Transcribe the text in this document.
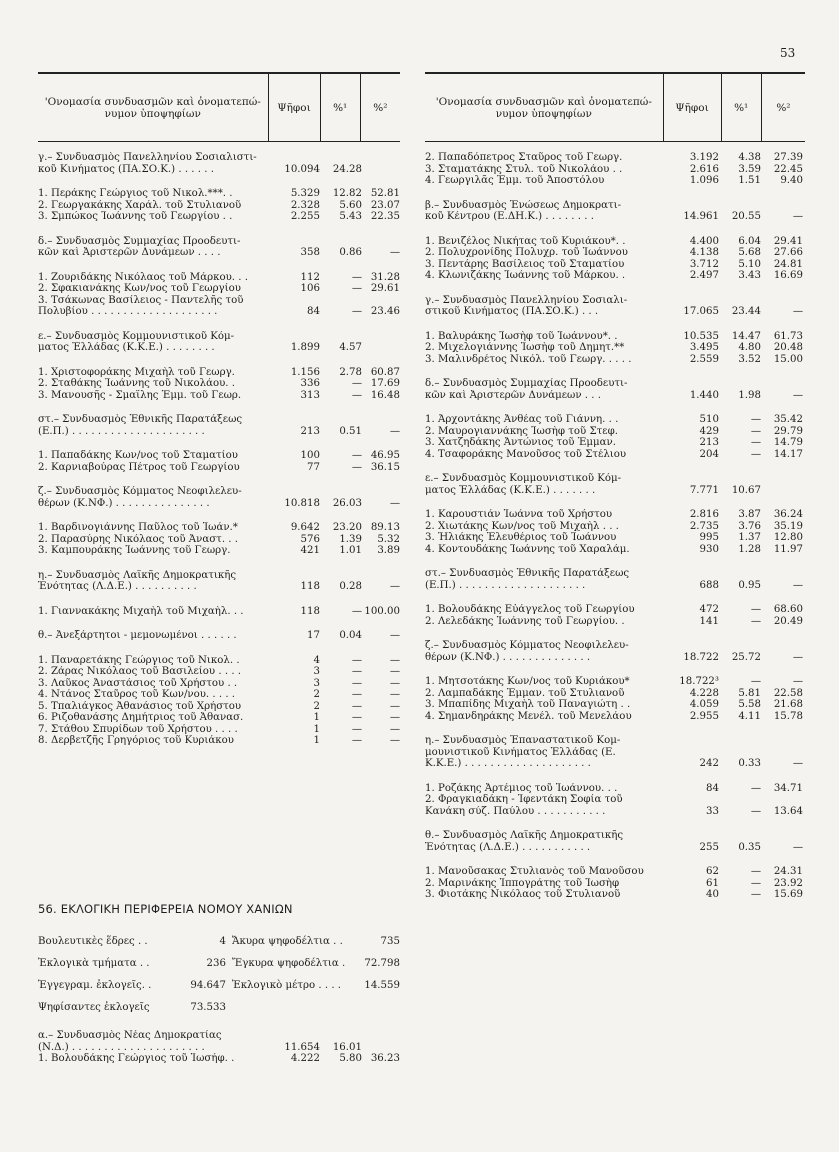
53
'Ονομασία συνδυασμῶν καὶ ὀνοματεπώ- νυμον ὑποψηφίων	Ψῆφοι	%¹	%²
γ.– Συνδυασμὸς Πανελληνίου Σοσιαλιστι-
κοῦ Κινήματος (ΠΑ.ΣΟ.Κ.) . . . . . .	10.094	24.28
1. Περάκης Γεώργιος τοῦ Νικολ.***. .	5.329	12.82 52.81
2. Γεωργακάκης Χαράλ. τοῦ Στυλιανοῦ	2.328	5.60 23.07
3. Σμπώκος Ἰωάννης τοῦ Γεωργίου . .	2.255	5.43 22.35
δ.– Συνδυασμὸς Συμμαχίας Προοδευτι-
κῶν καὶ Ἀριστερῶν Δυνάμεων . . . .	358	0.86	—
1. Ζουριδάκης Νικόλαος τοῦ Μάρκου. . .	112	— 31.28
2. Σφακιανάκης Κων/νος τοῦ Γεωργίου	106	— 29.61
3. Τσάκωνας Βασίλειος - Παντελῆς τοῦ
Πολυβίου . . . . . . . . . . . . . . . . . . . .	84	— 23.46
ε.– Συνδυασμὸς Κομμουνιστικοῦ Κόμ-
ματος Ἑλλάδας (Κ.Κ.Ε.) . . . . . . . .	1.899	4.57
1. Χριστοφοράκης Μιχαὴλ τοῦ Γεωργ.	1.156	2.78 60.87
2. Σταθάκης Ἰωάννης τοῦ Νικολάου. .	336	— 17.69
3. Μανουσῆς - Σμαΐλης Ἐμμ. τοῦ Γεωρ.	313	— 16.48
στ.– Συνδυασμὸς Ἐθνικῆς Παρατάξεως
(Ε.Π.) . . . . . . . . . . . . . . . . . . . . .	213	0.51	—
1. Παπαδάκης Κων/νος τοῦ Σταματίου	100	— 46.95
2. Καρνιαβούρας Πέτρος τοῦ Γεωργίου	77	— 36.15
ζ.– Συνδυασμὸς Κόμματος Νεοφιλελευ-
θέρων (Κ.ΝΦ.) . . . . . . . . . . . . . . .	10.818	26.03	—
1. Βαρδινογιάννης Παῦλος τοῦ Ἰωάν.*	9.642	23.20 89.13
2. Παρασύρης Νικόλαος τοῦ Ἀναστ. . .	576	1.39	5.32
3. Καμπουράκης Ἰωάννης τοῦ Γεωργ.	421	1.01	3.89
η.– Συνδυασμὸς Λαϊκῆς Δημοκρατικῆς
Ἑνότητας (Λ.Δ.Ε.) . . . . . . . . . .	118	0.28	—
1. Γιαννακάκης Μιχαὴλ τοῦ Μιχαὴλ. . .	118	— 100.00
θ.– Ἀνεξάρτητοι - μεμονωμένοι . . . . . .	17	0.04	—
1. Παναρετάκης Γεώργιος τοῦ Νικολ. .	4	—	—
2. Ζάρας Νικόλαος τοῦ Βασιλείου . . . .	3	—	—
3. Λαῦκος Ἀναστάσιος τοῦ Χρήστου . .	3	—	—
4. Ντάνος Σταῦρος τοῦ Κων/νου. . . . .	2	—	—
5. Τπαλιάγκος Ἀθανάσιος τοῦ Χρήστου	2	—	—
6. Ριζοθανάσης Δημήτριος τοῦ Ἀθανασ.	1	—	—
7. Στάθου Σπυρίδων τοῦ Χρήστου . . . .	1	—	—
8. Δερβετζῆς Γρηγόριος τοῦ Κυριάκου	1	—	—
'Ονομασία συνδυασμῶν καὶ ὀνοματεπώ- νυμον ὑποψηφίων	Ψῆφοι	%¹	%²
2. Παπαδόπετρος Σταῦρος τοῦ Γεωργ.	3.192	4.38	27.39
3. Σταματάκης Στυλ. τοῦ Νικολάου . .	2.616	3.59	22.45
4. Γεωργιλᾶς Ἐμμ. τοῦ Ἀποστόλου	1.096	1.51	9.40
β.– Συνδυασμὸς Ἐνώσεως Δημοκρατι-
κοῦ Κέντρου (Ε.ΔΗ.Κ.) . . . . . . . .	14.961	20.55	—
1. Βενιζέλος Νικήτας τοῦ Κυριάκου*. .	4.400	6.04	29.41
2. Πολυχρονίδης Πολυχρ. τοῦ Ἰωάννου	4.138	5.68	27.66
3. Πεντάρης Βασίλειος τοῦ Σταματίου	3.712	5.10	24.81
4. Κλωνιζάκης Ἰωάννης τοῦ Μάρκου. .	2.497	3.43	16.69
γ.– Συνδυασμὸς Πανελληνίου Σοσιαλι-
στικοῦ Κινήματος (ΠΑ.ΣΟ.Κ.) . . .	17.065	23.44	—
1. Βαλυράκης Ἰωσὴφ τοῦ Ἰωάννου*. .	10.535	14.47	61.73
2. Μιχελογιάννης Ἰωσὴφ τοῦ Δημητ.**	3.495	4.80	20.48
3. Μαλινδρέτος Νικόλ. τοῦ Γεωργ. . . . .	2.559	3.52	15.00
δ.– Συνδυασμὸς Συμμαχίας Προοδευτι-
κῶν καὶ Ἀριστερῶν Δυνάμεων . . .	1.440	1.98	—
1. Ἀρχοντάκης Ἀνθέας τοῦ Γιάννη. . .	510	—	35.42
2. Μαυρογιαννάκης Ἰωσὴφ τοῦ Στεφ.	429	—	29.79
3. Χατζηδάκης Ἀντώνιος τοῦ Ἐμμαν.	213	—	14.79
4. Τσαφοράκης Μανοῦσος τοῦ Στέλιου	204	—	14.17
ε.– Συνδυασμὸς Κομμουνιστικοῦ Κόμ-
ματος Ἑλλάδας (Κ.Κ.Ε.) . . . . . . .	7.771	10.67
1. Καρουστιάν Ἰωάννα τοῦ Χρήστου	2.816	3.87	36.24
2. Χιωτάκης Κων/νος τοῦ Μιχαὴλ . . .	2.735	3.76	35.19
3. Ἠλιάκης Ἐλευθέριος τοῦ Ἰωάννου	995	1.37	12.80
4. Κοντουδάκης Ἰωάννης τοῦ Χαραλάμ.	930	1.28	11.97
στ.– Συνδυασμὸς Ἐθνικῆς Παρατάξεως
(Ε.Π.) . . . . . . . . . . . . . . . . . . . .	688	0.95	—
1. Βολουδάκης Εὐάγγελος τοῦ Γεωργίου	472	—	68.60
2. Λελεδάκης Ἰωάννης τοῦ Γεωργίου. .	141	—	20.49
ζ.– Συνδυασμὸς Κόμματος Νεοφιλελευ-
θέρων (Κ.ΝΦ.) . . . . . . . . . . . . . .	18.722	25.72	—
1. Μητσοτάκης Κων/νος τοῦ Κυριάκου*	18.722³	—	—
2. Λαμπαδάκης Ἐμμαν. τοῦ Στυλιανοῦ	4.228	5.81	22.58
3. Μπαπίδης Μιχαὴλ τοῦ Παναγιώτη . .	4.059	5.58	21.68
4. Σημανδηράκης Μενέλ. τοῦ Μενελάου	2.955	4.11	15.78
η.– Συνδυασμὸς Ἐπαναστατικοῦ Κομ-
μουνιστικοῦ Κινήματος Ἑλλάδας (Ε.
Κ.Κ.Ε.) . . . . . . . . . . . . . . . . . . . .	242	0.33	—
1. Ρoζάκης Ἀρτέμιος τοῦ Ἰωάννου. . .	84	—	34.71
2. Φραγκιαδάκη - Ἰφεντάκη Σοφία τοῦ
Κανάκη σύζ. Παύλου . . . . . . . . . . .	33	—	13.64
θ.– Συνδυασμὸς Λαϊκῆς Δημοκρατικῆς
Ἑνότητας (Λ.Δ.Ε.) . . . . . . . . . . .	255	0.35	—
1. Μανοῦσακας Στυλιανὸς τοῦ Μανοῦσου	62	—	24.31
2. Μαρινάκης Ἱππογράτης τοῦ Ἰωσὴφ	61	—	23.92
3. Φιοτάκης Νικόλαος τοῦ Στυλιανοῦ	40	—	15.69
56. ΕΚΛΟΓΙΚΗ ΠΕΡΙΦΕΡΕΙΑ ΝΟΜΟΥ ΧΑΝΙΩΝ
Βουλευτικὲς ἕδρες . .	4 Ἄκυρα ψηφοδέλτια . .	735
Ἐκλογικὰ τμήματα . .	236 Ἔγκυρα ψηφοδέλτια .	72.798
Ἐγγεγραμ. ἐκλογεῖς. .	94.647 Ἐκλογικὸ μέτρο . . . .	14.559
Ψηφίσαντες ἐκλογεῖς	73.533
α.– Συνδυασμὸς Νέας Δημοκρατίας
(Ν.Δ.) . . . . . . . . . . . . . . . . . . . . .	11.654	16.01
1. Βολουδάκης Γεώργιος τοῦ Ἰωσήφ. .	4.222	5.80 36.23
